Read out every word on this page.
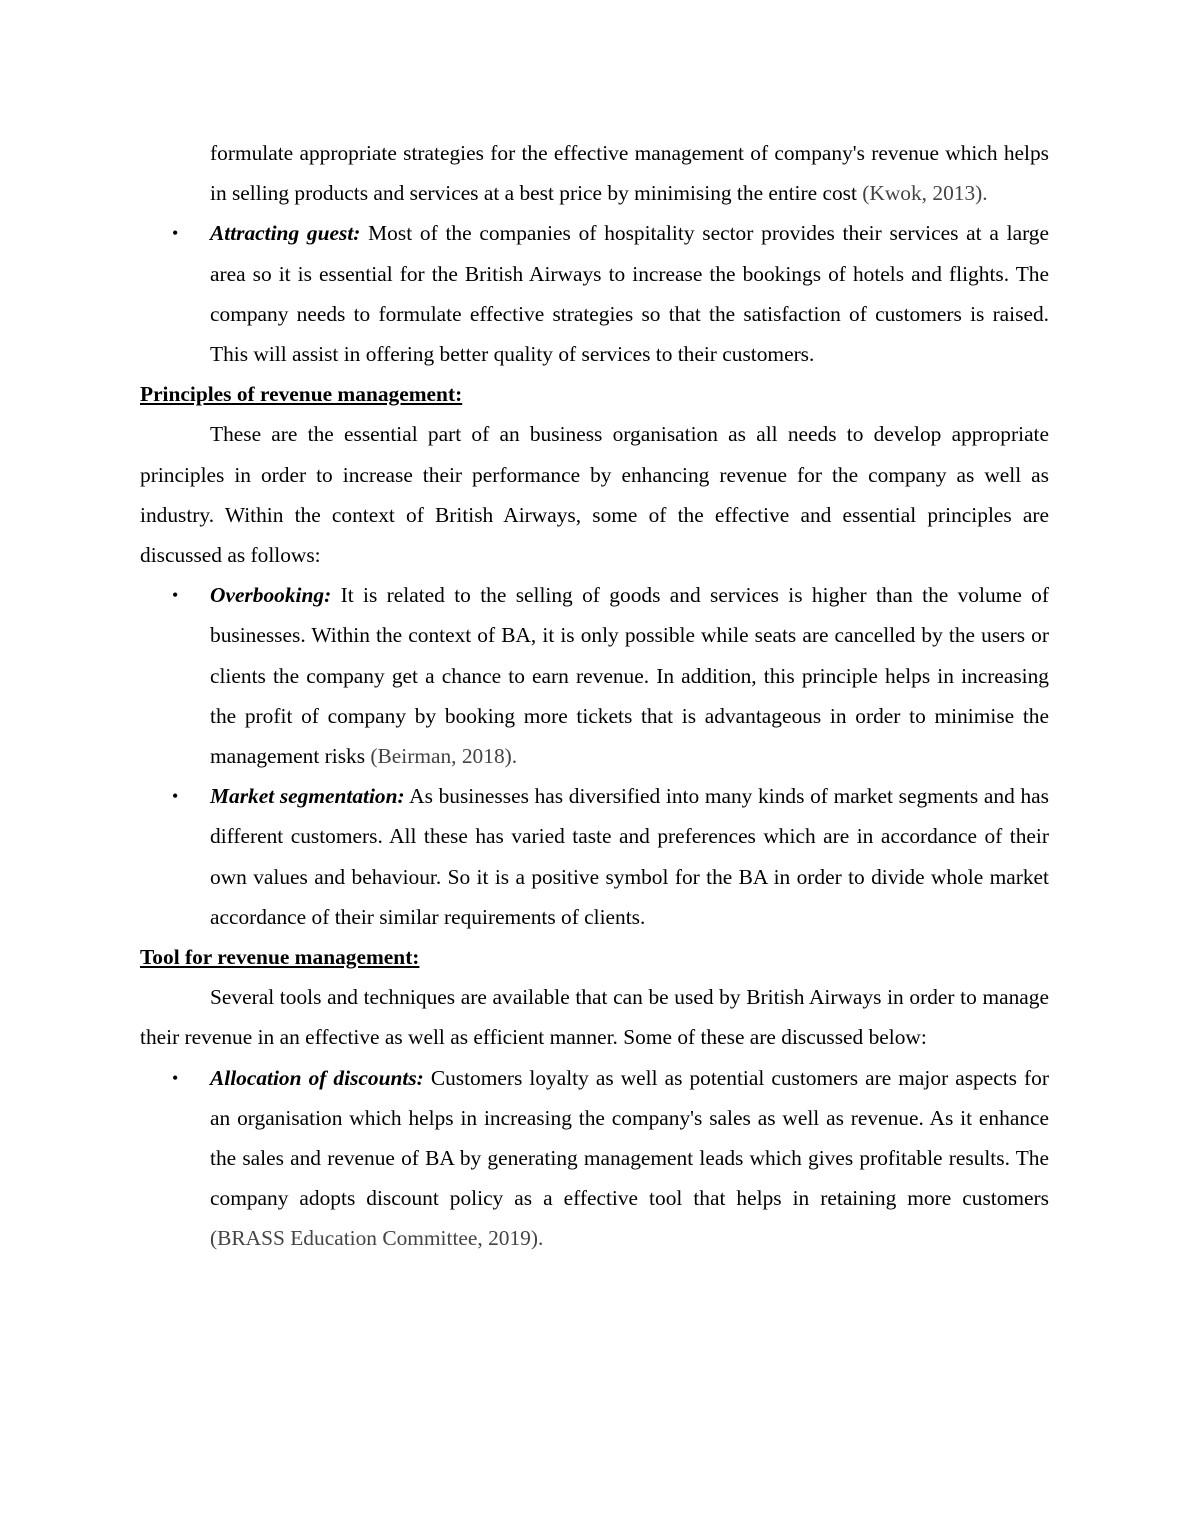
formulate appropriate strategies for the effective management of company's revenue which helps in selling products and services at a best price by minimising the entire cost (Kwok, 2013).

• Attracting guest: Most of the companies of hospitality sector provides their services at a large area so it is essential for the British Airways to increase the bookings of hotels and flights. The company needs to formulate effective strategies so that the satisfaction of customers is raised. This will assist in offering better quality of services to their customers.

Principles of revenue management:

These are the essential part of an business organisation as all needs to develop appropriate principles in order to increase their performance by enhancing revenue for the company as well as industry. Within the context of British Airways, some of the effective and essential principles are discussed as follows:

• Overbooking: It is related to the selling of goods and services is higher than the volume of businesses. Within the context of BA, it is only possible while seats are cancelled by the users or clients the company get a chance to earn revenue. In addition, this principle helps in increasing the profit of company by booking more tickets that is advantageous in order to minimise the management risks (Beirman, 2018).

• Market segmentation: As businesses has diversified into many kinds of market segments and has different customers. All these has varied taste and preferences which are in accordance of their own values and behaviour. So it is a positive symbol for the BA in order to divide whole market accordance of their similar requirements of clients.

Tool for revenue management:

Several tools and techniques are available that can be used by British Airways in order to manage their revenue in an effective as well as efficient manner. Some of these are discussed below:

• Allocation of discounts: Customers loyalty as well as potential customers are major aspects for an organisation which helps in increasing the company's sales as well as revenue. As it enhance the sales and revenue of BA by generating management leads which gives profitable results. The company adopts discount policy as a effective tool that helps in retaining more customers (BRASS Education Committee, 2019).
